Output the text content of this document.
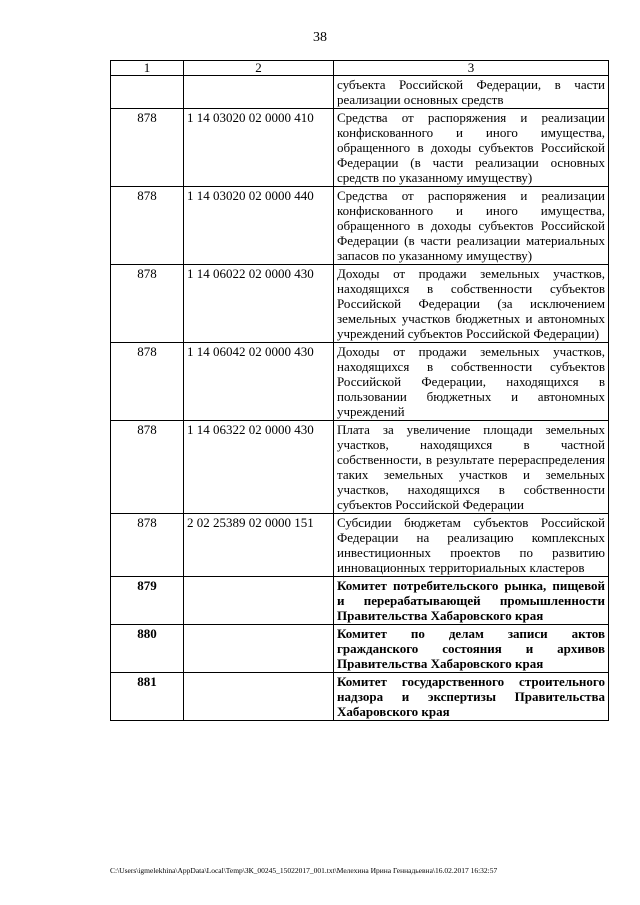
38
1	2	3
		субъекта Российской Федерации, в части реализации основных средств
878	1 14 03020 02 0000 410	Средства от распоряжения и реализации конфискованного и иного имущества, обращенного в доходы субъектов Российской Федерации (в части реализации основных средств по указанному имуществу)
878	1 14 03020 02 0000 440	Средства от распоряжения и реализации конфискованного и иного имущества, обращенного в доходы субъектов Российской Федерации (в части реализации материальных запасов по указанному имуществу)
878	1 14 06022 02 0000 430	Доходы от продажи земельных участков, находящихся в собственности субъектов Российской Федерации (за исключением земельных участков бюджетных и автономных учреждений субъектов Российской Федерации)
878	1 14 06042 02 0000 430	Доходы от продажи земельных участков, находящихся в собственности субъектов Российской Федерации, находящихся в пользовании бюджетных и автономных учреждений
878	1 14 06322 02 0000 430	Плата за увеличение площади земельных участков, находящихся в частной собственности, в результате перераспределения таких земельных участков и земельных участков, находящихся в собственности субъектов Российской Федерации
878	2 02 25389 02 0000 151	Субсидии бюджетам субъектов Российской Федерации на реализацию комплексных инвестиционных проектов по развитию инновационных территориальных кластеров
879		Комитет потребительского рынка, пищевой и перерабатывающей промышленности Правительства Хабаровского края
880		Комитет по делам записи актов гражданского состояния и архивов Правительства Хабаровского края
881		Комитет государственного строительного надзора и экспертизы Правительства Хабаровского края
C:\Users\igmelekhina\AppData\Local\Temp\ЗК_00245_15022017_001.txt\Мелехина Ирина Геннадьевна\16.02.2017 16:32:57
